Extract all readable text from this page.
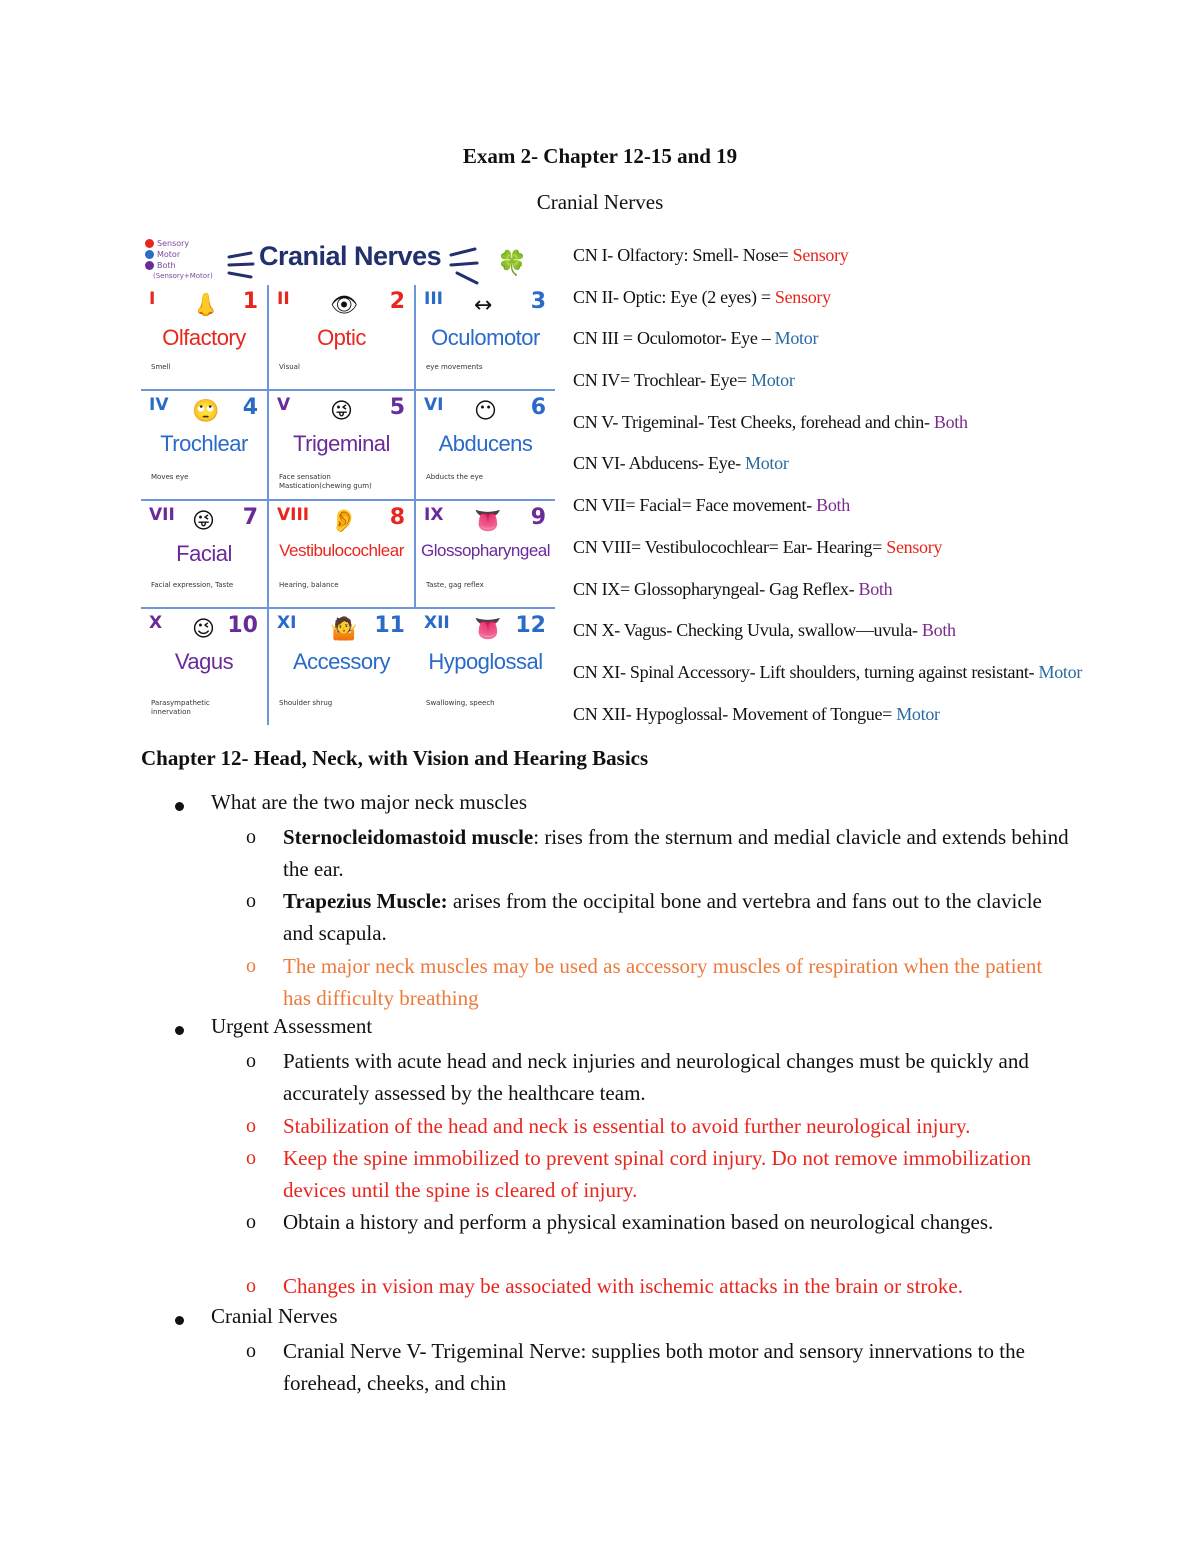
Exam 2- Chapter 12-15 and 19
Cranial Nerves
Sensory
Motor
Both
(Sensory+Motor)
Cranial Nerves 🍀
I	1
👃
Olfactory
Smell
II	2
👁
Optic
Visual
III	3
↔
Oculomotor
eye movements
IV	4
🙄
Trochlear
Moves eye
V	5
😜
Trigeminal
Face sensation
Mastication(chewing gum)
VI	6
😶
Abducens
Abducts the eye
VII	7
😜
Facial
Facial expression, Taste
VIII	8
👂
Vestibulocochlear
Hearing, balance
IX	9
👅
Glossopharyngeal
Taste, gag reflex
X	10
😉
Vagus
Parasympathetic
innervation
XI	11
🤷
Accessory
Shoulder shrug
XII	12
👅
Hypoglossal
Swallowing, speech
CN I- Olfactory: Smell- Nose= Sensory
CN II- Optic: Eye (2 eyes) = Sensory
CN III = Oculomotor- Eye – Motor
CN IV= Trochlear- Eye= Motor
CN V- Trigeminal- Test Cheeks, forehead and chin- Both
CN VI- Abducens- Eye- Motor
CN VII= Facial= Face movement- Both
CN VIII= Vestibulocochlear= Ear- Hearing= Sensory
CN IX= Glossopharyngeal- Gag Reflex- Both
CN X- Vagus- Checking Uvula, swallow—uvula- Both
CN XI- Spinal Accessory- Lift shoulders, turning against resistant- Motor
CN XII- Hypoglossal- Movement of Tongue= Motor
Chapter 12- Head, Neck, with Vision and Hearing Basics
What are the two major neck muscles
o Sternocleidomastoid muscle: rises from the sternum and medial clavicle and extends behind the ear.
o Trapezius Muscle: arises from the occipital bone and vertebra and fans out to the clavicle and scapula.
o The major neck muscles may be used as accessory muscles of respiration when the patient has difficulty breathing
Urgent Assessment
o Patients with acute head and neck injuries and neurological changes must be quickly and accurately assessed by the healthcare team.
o Stabilization of the head and neck is essential to avoid further neurological injury.
o Keep the spine immobilized to prevent spinal cord injury. Do not remove immobilization devices until the spine is cleared of injury.
o Obtain a history and perform a physical examination based on neurological changes.
o Changes in vision may be associated with ischemic attacks in the brain or stroke.
Cranial Nerves
o Cranial Nerve V- Trigeminal Nerve: supplies both motor and sensory innervations to the forehead, cheeks, and chin
